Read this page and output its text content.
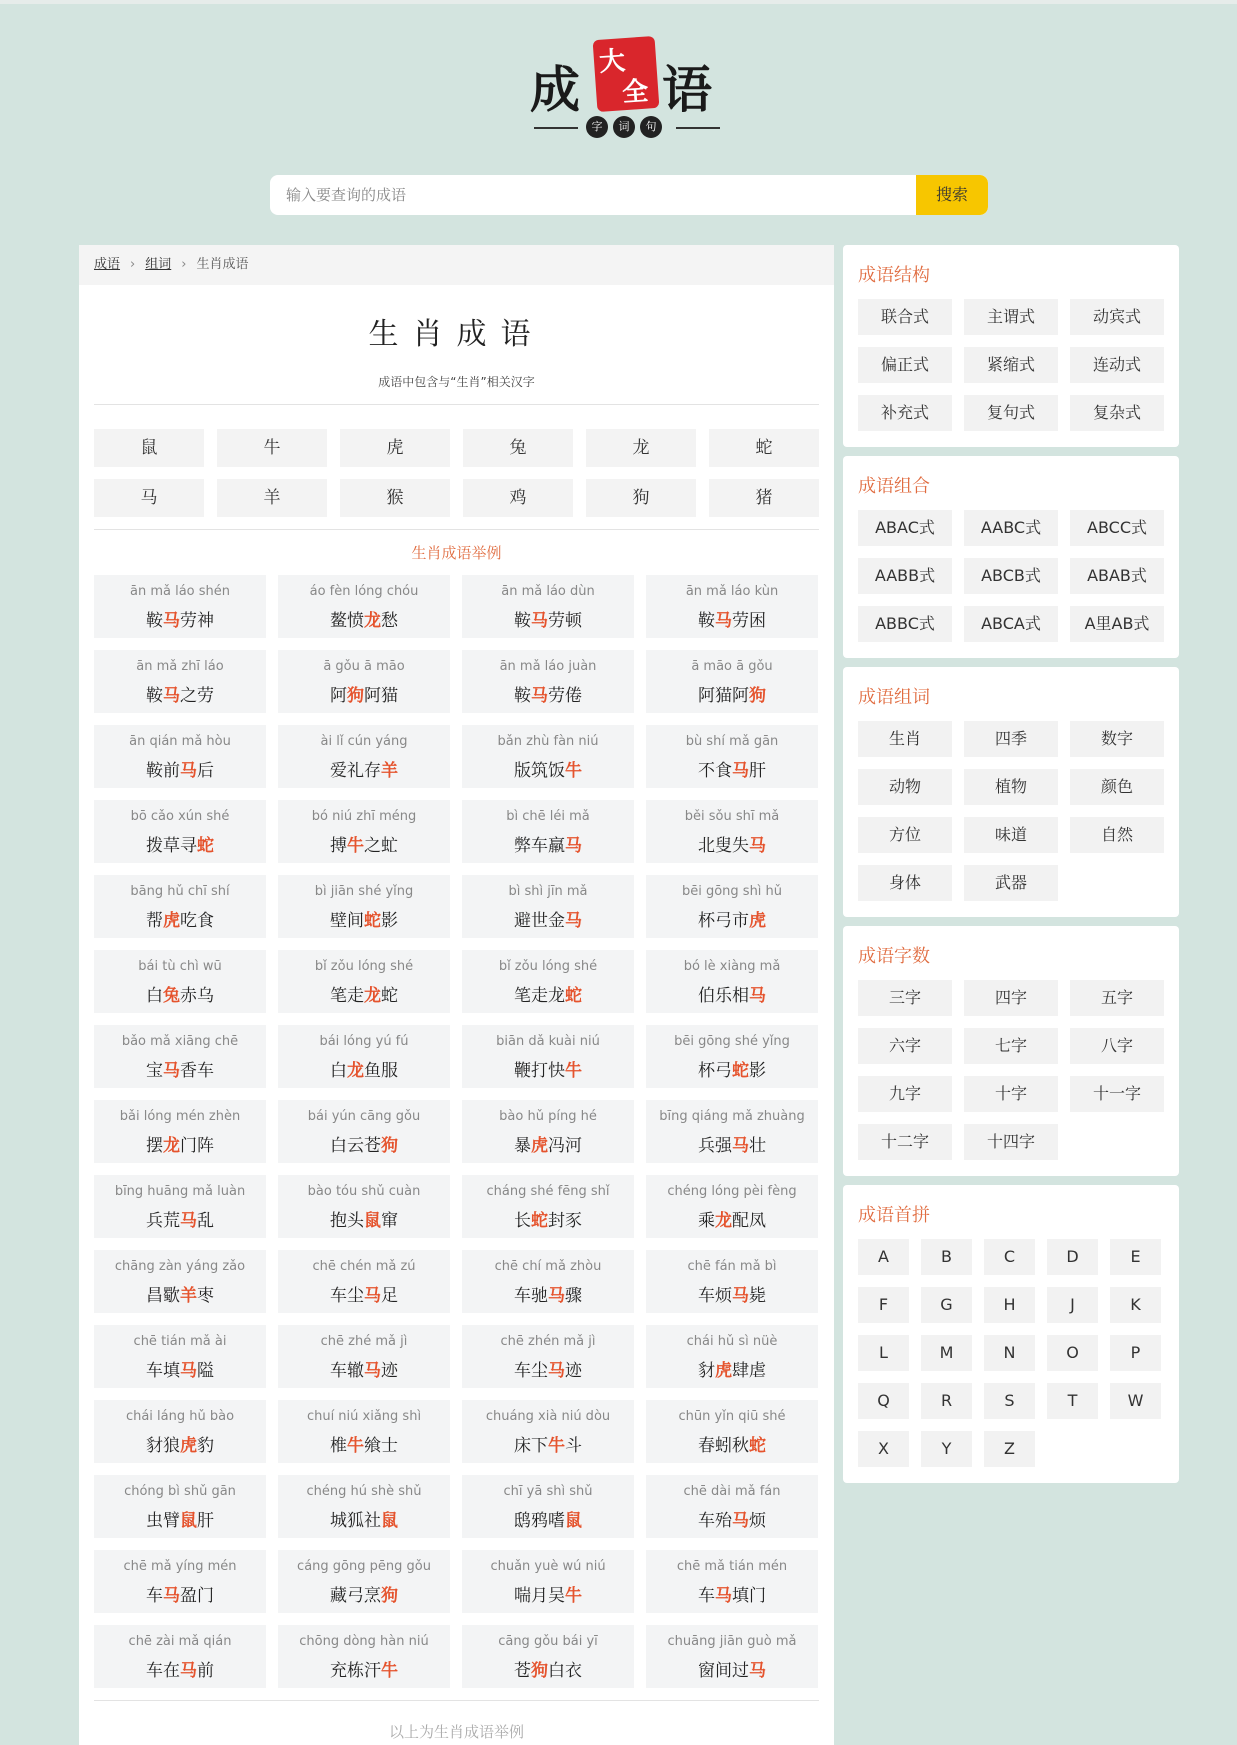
成 大
全 语
字	词	句
输入要查询的成语
搜索
成语 › 组词 › 生肖成语
生肖成语
成语中包含与“生肖”相关汉字
鼠	牛	虎	兔	龙	蛇
马	羊	猴	鸡	狗	猪
生肖成语举例
ān mǎ láo shén
鞍马劳神
áo fèn lóng chóu
鳌愤龙愁
ān mǎ láo dùn
鞍马劳顿
ān mǎ láo kùn
鞍马劳困
ān mǎ zhī láo
鞍马之劳
ā gǒu ā māo
阿狗阿猫
ān mǎ láo juàn
鞍马劳倦
ā māo ā gǒu
阿猫阿狗
ān qián mǎ hòu
鞍前马后
ài lǐ cún yáng
爱礼存羊
bǎn zhù fàn niú
版筑饭牛
bù shí mǎ gān
不食马肝
bō cǎo xún shé
拨草寻蛇
bó niú zhī méng
搏牛之虻
bì chē léi mǎ
弊车羸马
běi sǒu shī mǎ
北叟失马
bāng hǔ chī shí
帮虎吃食
bì jiān shé yǐng
壁间蛇影
bì shì jīn mǎ
避世金马
bēi gōng shì hǔ
杯弓市虎
bái tù chì wū
白兔赤乌
bǐ zǒu lóng shé
笔走龙蛇
bǐ zǒu lóng shé
笔走龙蛇
bó lè xiàng mǎ
伯乐相马
bǎo mǎ xiāng chē
宝马香车
bái lóng yú fú
白龙鱼服
biān dǎ kuài niú
鞭打快牛
bēi gōng shé yǐng
杯弓蛇影
bǎi lóng mén zhèn
摆龙门阵
bái yún cāng gǒu
白云苍狗
bào hǔ píng hé
暴虎冯河
bīng qiáng mǎ zhuàng
兵强马壮
bīng huāng mǎ luàn
兵荒马乱
bào tóu shǔ cuàn
抱头鼠窜
cháng shé fēng shǐ
长蛇封豕
chéng lóng pèi fèng
乘龙配凤
chāng zàn yáng zǎo
昌歜羊枣
chē chén mǎ zú
车尘马足
chē chí mǎ zhòu
车驰马骤
chē fán mǎ bì
车烦马毙
chē tián mǎ ài
车填马隘
chē zhé mǎ jì
车辙马迹
chē zhén mǎ jì
车尘马迹
chái hǔ sì nüè
豺虎肆虐
chái láng hǔ bào
豺狼虎豹
chuí niú xiǎng shì
椎牛飨士
chuáng xià niú dòu
床下牛斗
chūn yǐn qiū shé
春蚓秋蛇
chóng bì shǔ gān
虫臂鼠肝
chéng hú shè shǔ
城狐社鼠
chī yā shì shǔ
鸱鸦嗜鼠
chē dài mǎ fán
车殆马烦
chē mǎ yíng mén
车马盈门
cáng gōng pēng gǒu
藏弓烹狗
chuǎn yuè wú niú
喘月吴牛
chē mǎ tián mén
车马填门
chē zài mǎ qián
车在马前
chōng dòng hàn niú
充栋汗牛
cāng gǒu bái yī
苍狗白衣
chuāng jiān guò mǎ
窗间过马
以上为生肖成语举例
成语结构
联合式	主谓式	动宾式
偏正式	紧缩式	连动式
补充式	复句式	复杂式
成语组合
ABAC式	AABC式	ABCC式
AABB式	ABCB式	ABAB式
ABBC式	ABCA式	A里AB式
成语组词
生肖	四季	数字
动物	植物	颜色
方位	味道	自然
身体	武器
成语字数
三字	四字	五字
六字	七字	八字
九字	十字	十一字
十二字	十四字
成语首拼
A	B	C	D	E
F	G	H	J	K
L	M	N	O	P
Q	R	S	T	W
X	Y	Z
